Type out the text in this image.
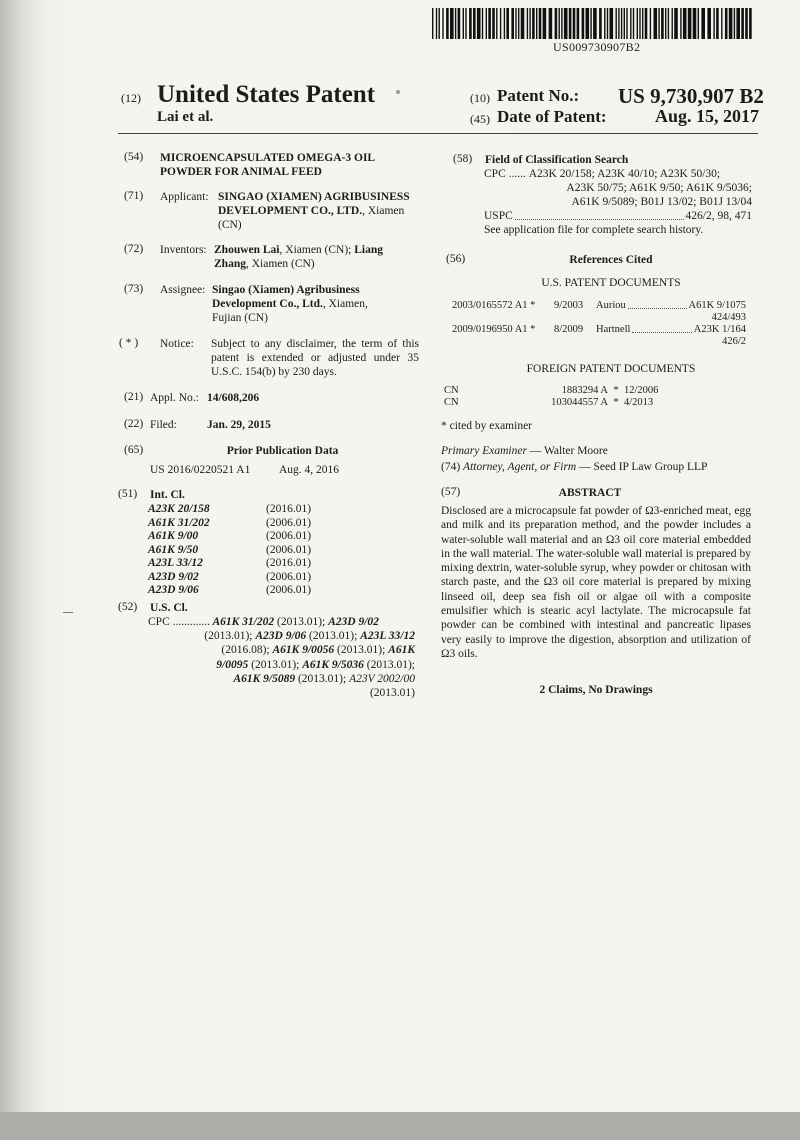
US009730907B2
(12) United States Patent
Lai et al.
(10) Patent No.: US 9,730,907 B2
(45) Date of Patent:	Aug. 15, 2017
(54) MICROENCAPSULATED OMEGA-3 OIL POWDER FOR ANIMAL FEED
(71) Applicant: SINGAO (XIAMEN) AGRIBUSINESS DEVELOPMENT CO., LTD., Xiamen (CN)
(72) Inventors: Zhouwen Lai, Xiamen (CN); Liang Zhang, Xiamen (CN)
(73) Assignee: Singao (Xiamen) Agribusiness Development Co., Ltd., Xiamen, Fujian (CN)
( * ) Notice: Subject to any disclaimer, the term of this patent is extended or adjusted under 35 U.S.C. 154(b) by 230 days.
(21) Appl. No.: 14/608,206
(22) Filed:	Jan. 29, 2015
(65)	Prior Publication Data
US 2016/0220521 A1 Aug. 4, 2016
(51) Int. Cl.
A23K 20/158	(2016.01)
A61K 31/202	(2006.01)
A61K 9/00	(2006.01)
A61K 9/50	(2006.01)
A23L 33/12	(2016.01)
A23D 9/02	(2006.01)
A23D 9/06	(2006.01)
(52) U.S. Cl.
CPC ............. A61K 31/202 (2013.01); A23D 9/02
(2013.01); A23D 9/06 (2013.01); A23L 33/12
(2016.08); A61K 9/0056 (2013.01); A61K
9/0095 (2013.01); A61K 9/5036 (2013.01);
A61K 9/5089 (2013.01); A23V 2002/00
(2013.01)
(58) Field of Classification Search
CPC
......
A23K 20/158; A23K 40/10; A23K 50/30;
A23K 50/75; A61K 9/50; A61K 9/5036;
A61K 9/5089; B01J 13/02; B01J 13/04
USPC	426/2, 98, 471
See application file for complete search history.
(56)	References Cited
U.S. PATENT DOCUMENTS
2003/0165572 A1 *	9/2003	Auriou	A61K 9/1075
424/493
2009/0196950 A1 *	8/2009	Hartnell	A23K 1/164
426/2
FOREIGN PATENT DOCUMENTS
CN	1883294 A * 12/2006
CN	103044557 A * 4/2013
* cited by examiner
Primary Examiner — Walter Moore
(74) Attorney, Agent, or Firm — Seed IP Law Group LLP
(57)	ABSTRACT
Disclosed are a microcapsule fat powder of Ω3-enriched meat, egg and milk and its preparation method, and the powder includes a water-soluble wall material and an Ω3 oil core material embedded in the wall material. The water-soluble wall material is prepared by mixing dextrin, water-soluble syrup, whey powder or chitosan with starch paste, and the Ω3 oil core material is prepared by mixing linseed oil, deep sea fish oil or algae oil with a composite emulsifier which is stearic acyl lactylate. The microcapsule fat powder can be combined with intestinal and pancreatic lipases very easily to improve the digestion, absorption and utilization of Ω3 oils.
2 Claims, No Drawings
